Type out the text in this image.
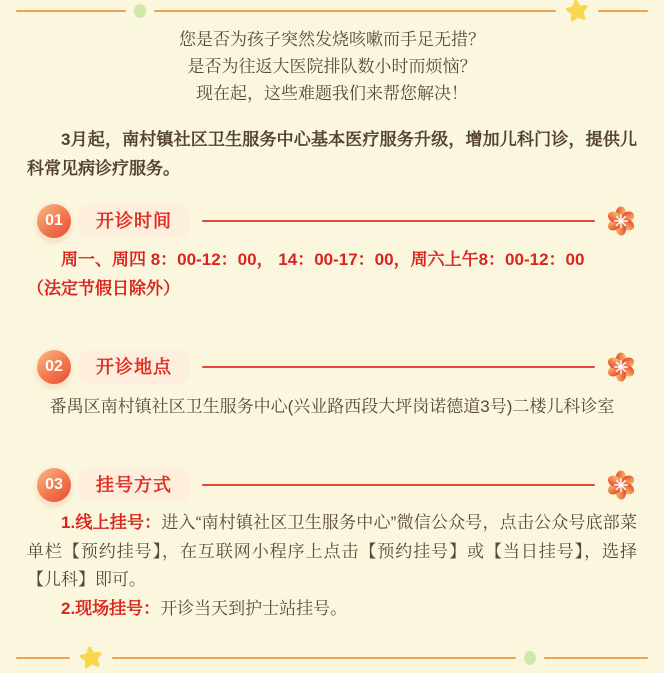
您是否为孩子突然发烧咳嗽而手足无措？
是否为往返大医院排队数小时而烦恼？
现在起，这些难题我们来帮您解决！
3月起，南村镇社区卫生服务中心基本医疗服务升级，增加儿科门诊，提供儿科常见病诊疗服务。
01	开诊时间
周一、周四 8：00-12：00， 14：00-17：00，周六上午8：00-12：00
（法定节假日除外）
02	开诊地点
番禺区南村镇社区卫生服务中心(兴业路西段大坪岗诺德道3号)二楼儿科诊室
03	挂号方式

1.线上挂号：进入“南村镇社区卫生服务中心”微信公众号，点击公众号底部菜单栏【预约挂号】，在互联网小程序上点击【预约挂号】或【当日挂号】，选择【儿科】即可。

2.现场挂号：开诊当天到护士站挂号。
